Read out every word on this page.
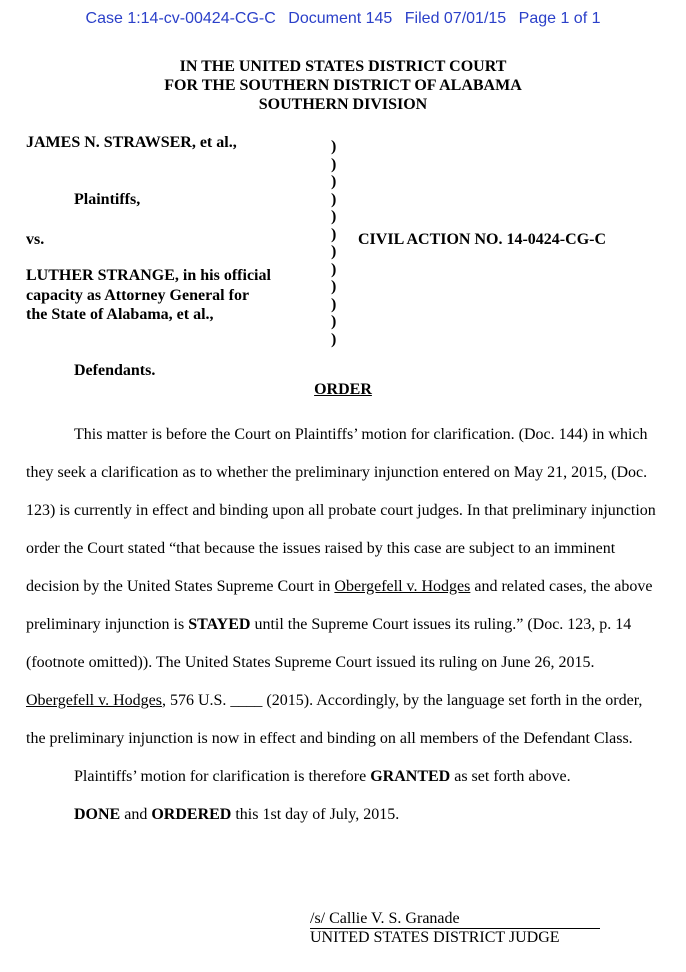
Case 1:14-cv-00424-CG-C Document 145 Filed 07/01/15 Page 1 of 1
IN THE UNITED STATES DISTRICT COURT
FOR THE SOUTHERN DISTRICT OF ALABAMA
SOUTHERN DIVISION
JAMES N. STRAWSER, et al.,
Plaintiffs,
vs.
LUTHER STRANGE, in his official
capacity as Attorney General for
the State of Alabama, et al.,
Defendants.
)
)
)
)
)
)
)
)
)
)
)
)
CIVIL ACTION NO. 14-0424-CG-C
ORDER

This matter is before the Court on Plaintiffs’ motion for clarification. (Doc. 144) in which they seek a clarification as to whether the preliminary injunction entered on May 21, 2015, (Doc. 123) is currently in effect and binding upon all probate court judges. In that preliminary injunction order the Court stated “that because the issues raised by this case are subject to an imminent decision by the United States Supreme Court in Obergefell v. Hodges and related cases, the above preliminary injunction is STAYED until the Supreme Court issues its ruling.” (Doc. 123, p. 14 (footnote omitted)). The United States Supreme Court issued its ruling on June 26, 2015. Obergefell v. Hodges, 576 U.S. ____ (2015). Accordingly, by the language set forth in the order, the preliminary injunction is now in effect and binding on all members of the Defendant Class.

Plaintiffs’ motion for clarification is therefore GRANTED as set forth above.

DONE and ORDERED this 1st day of July, 2015.

/s/ Callie V. S. Granade
UNITED STATES DISTRICT JUDGE
